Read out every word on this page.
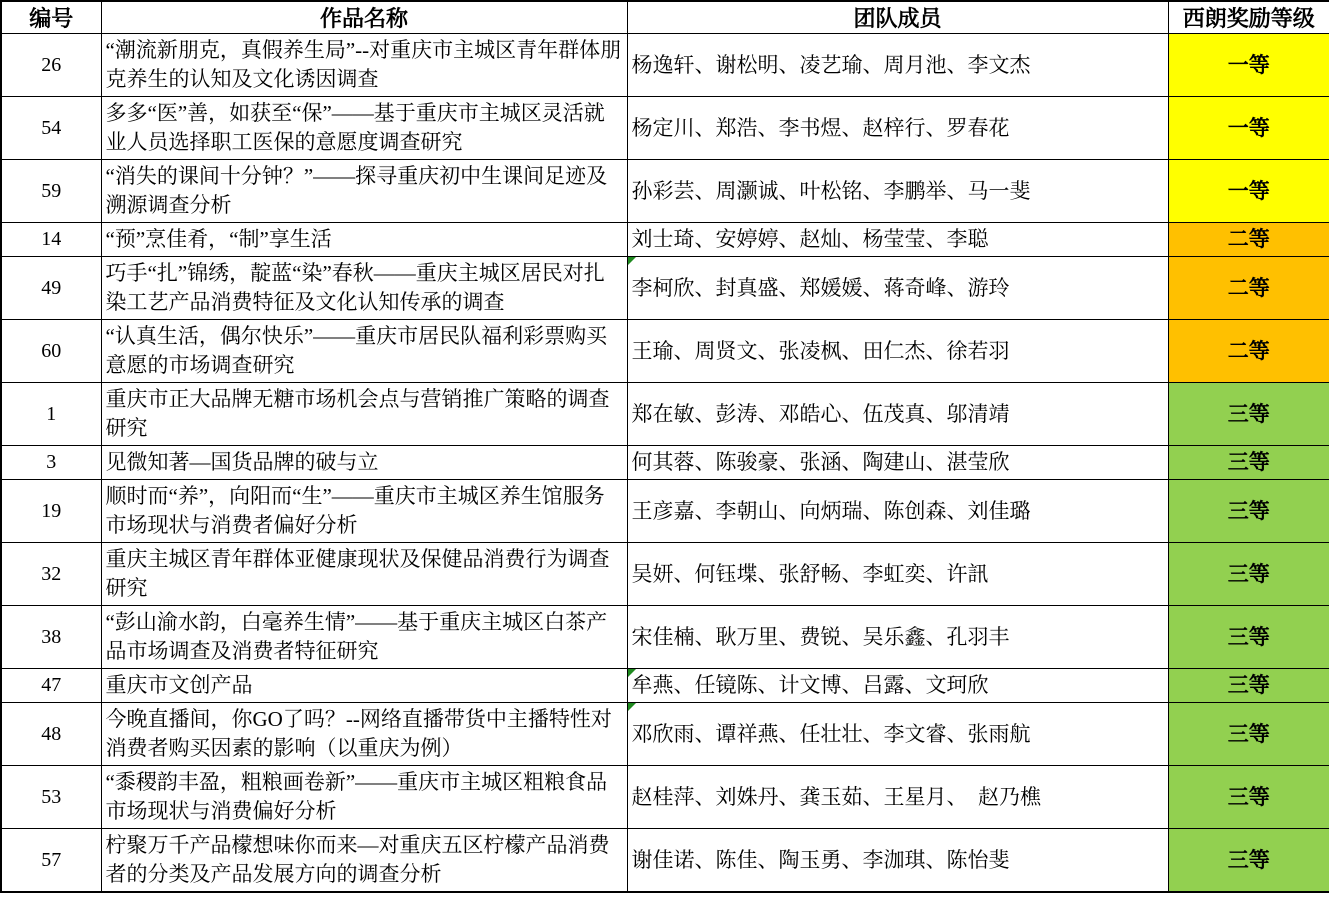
编号	作品名称	团队成员	西朗奖励等级
26	“潮流新朋克，真假养生局”--对重庆市主城区青年群体朋克养生的认知及文化诱因调查	杨逸轩、谢松明、凌艺瑜、周月池、李文杰	一等
54	多多“医”善，如获至“保”——基于重庆市主城区灵活就业人员选择职工医保的意愿度调查研究	杨定川、郑浩、李书煜、赵梓行、罗春花	一等
59	“消失的课间十分钟？”——探寻重庆初中生课间足迹及溯源调查分析	孙彩芸、周灏诚、叶松铭、李鹏举、马一斐	一等
14	“预”烹佳肴，“制”享生活	刘士琦、安婷婷、赵灿、杨莹莹、李聪	二等
49	巧手“扎”锦绣，靛蓝“染”春秋——重庆主城区居民对扎染工艺产品消费特征及文化认知传承的调查	李柯欣、封真盛、郑媛媛、蒋奇峰、游玲	二等
60	“认真生活，偶尔快乐”——重庆市居民队福利彩票购买意愿的市场调查研究	王瑜、周贤文、张凌枫、田仁杰、徐若羽	二等
1	重庆市正大品牌无糖市场机会点与营销推广策略的调查研究	郑在敏、彭涛、邓皓心、伍茂真、邬清靖	三等
3	见微知著—国货品牌的破与立	何其蓉、陈骏豪、张涵、陶建山、湛莹欣	三等
19	顺时而“养”，向阳而“生”——重庆市主城区养生馆服务市场现状与消费者偏好分析	王彦嘉、李朝山、向炳瑞、陈创森、刘佳璐	三等
32	重庆主城区青年群体亚健康现状及保健品消费行为调查研究	吴妍、何钰堞、张舒畅、李虹奕、许訊	三等
38	“彭山渝水韵，白毫养生情”——基于重庆主城区白茶产品市场调查及消费者特征研究	宋佳楠、耿万里、费锐、吴乐鑫、孔羽丰	三等
47	重庆市文创产品	牟燕、任镜陈、计文博、吕露、文珂欣	三等
48	今晚直播间，你GO了吗？--网络直播带货中主播特性对消费者购买因素的影响（以重庆为例）	邓欣雨、谭祥燕、任壮壮、李文睿、张雨航	三等
53	“黍稷韵丰盈，粗粮画卷新”——重庆市主城区粗粮食品市场现状与消费偏好分析	赵桂萍、刘姝丹、龚玉茹、王星月、　赵乃樵	三等
57	柠聚万千产品檬想味你而来—对重庆五区柠檬产品消费者的分类及产品发展方向的调查分析	谢佳诺、陈佳、陶玉勇、李泇琪、陈怡斐	三等
